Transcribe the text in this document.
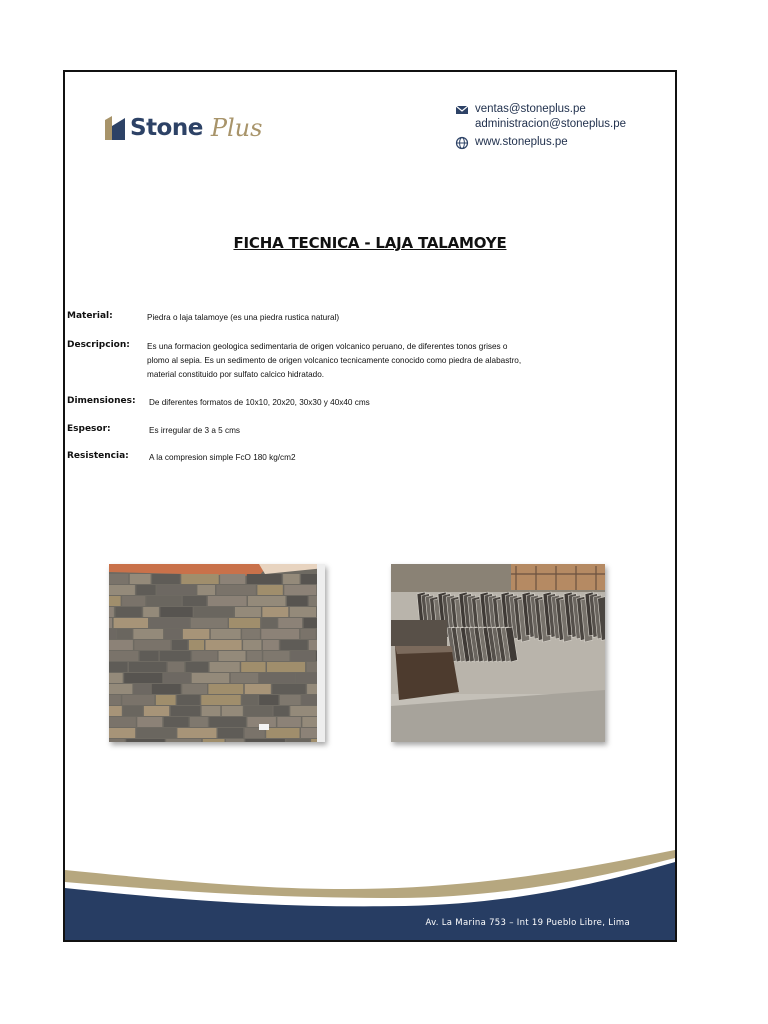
Stone Plus
ventas@stoneplus.pe
administracion@stoneplus.pe
www.stoneplus.pe
FICHA TECNICA - LAJA TALAMOYE
Material:	Piedra o laja talamoye (es una piedra rustica natural)
Descripcion: Es una formacion geologica sedimentaria de origen volcanico peruano, de diferentes tonos grises o
plomo al sepia. Es un sedimento de origen volcanico tecnicamente conocido como piedra de alabastro,
material constituido por sulfato calcico hidratado.
Dimensiones: De diferentes formatos de 10x10, 20x20, 30x30 y 40x40 cms
Espesor:	Es irregular de 3 a 5 cms
Resistencia: A la compresion simple FcO 180 kg/cm2
Av. La Marina 753 – Int 19 Pueblo Libre, Lima
